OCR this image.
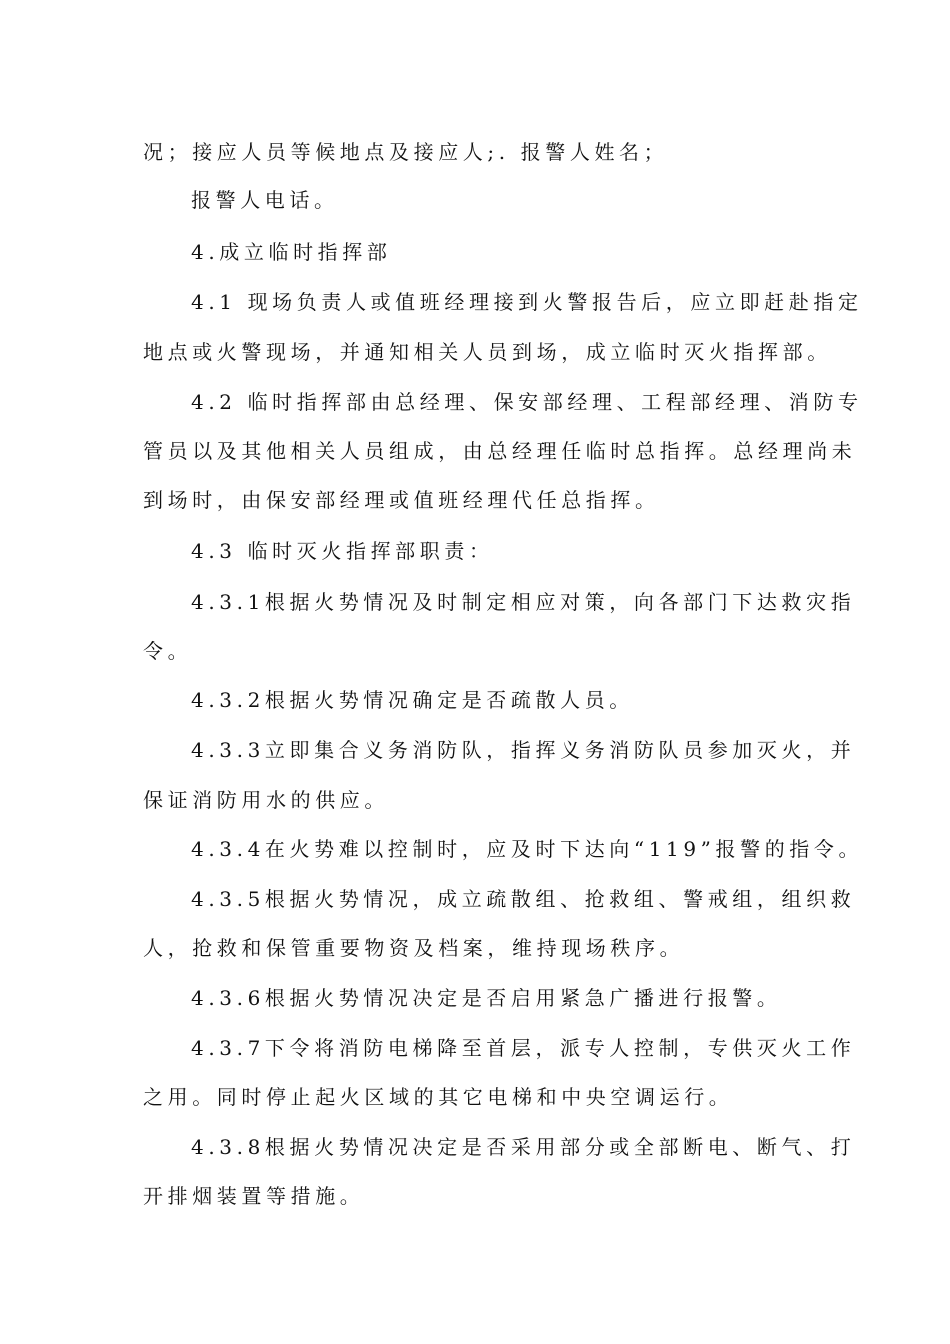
况；接应人员等候地点及接应人;. 报警人姓名；
报警人电话。
4.成立临时指挥部
4.1 现场负责人或值班经理接到火警报告后，应立即赶赴指定
地点或火警现场，并通知相关人员到场，成立临时灭火指挥部。
4.2 临时指挥部由总经理、保安部经理、工程部经理、消防专
管员以及其他相关人员组成，由总经理任临时总指挥。总经理尚未
到场时，由保安部经理或值班经理代任总指挥。
4.3 临时灭火指挥部职责：
4.3.1根据火势情况及时制定相应对策，向各部门下达救灾指
令。
4.3.2根据火势情况确定是否疏散人员。
4.3.3立即集合义务消防队，指挥义务消防队员参加灭火，并
保证消防用水的供应。
4.3.4在火势难以控制时，应及时下达向“119”报警的指令。
4.3.5根据火势情况，成立疏散组、抢救组、警戒组，组织救
人，抢救和保管重要物资及档案，维持现场秩序。
4.3.6根据火势情况决定是否启用紧急广播进行报警。
4.3.7下令将消防电梯降至首层，派专人控制，专供灭火工作
之用。同时停止起火区域的其它电梯和中央空调运行。
4.3.8根据火势情况决定是否采用部分或全部断电、断气、打
开排烟装置等措施。
